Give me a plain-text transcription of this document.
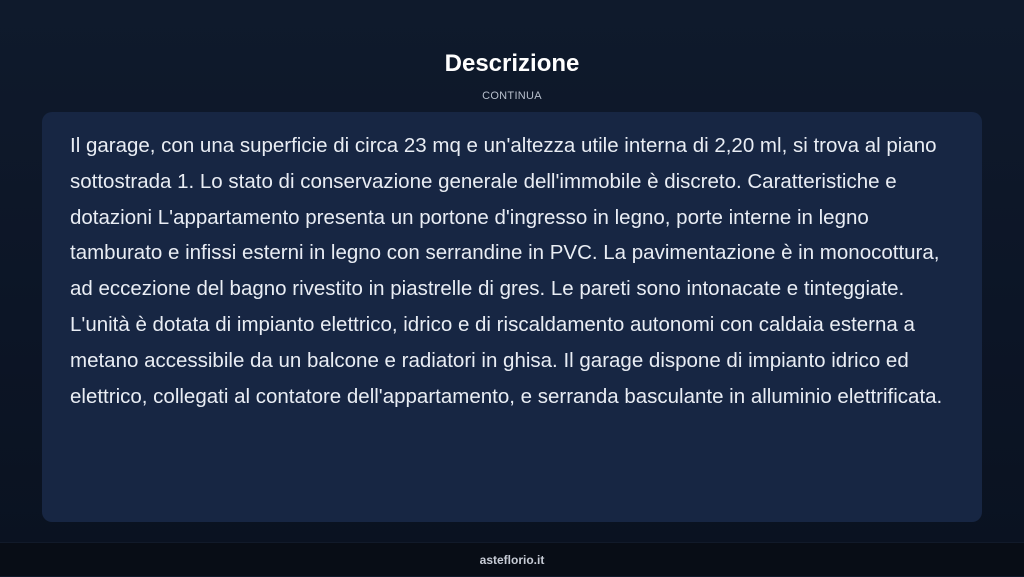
Descrizione
CONTINUA

Il garage, con una superficie di circa 23 mq e un'altezza utile interna di 2,20 ml, si trova al piano sottostrada 1. Lo stato di conservazione generale dell'immobile è discreto. Caratteristiche e dotazioni L'appartamento presenta un portone d'ingresso in legno, porte interne in legno tamburato e infissi esterni in legno con serrandine in PVC. La pavimentazione è in monocottura, ad eccezione del bagno rivestito in piastrelle di gres. Le pareti sono intonacate e tinteggiate. L'unità è dotata di impianto elettrico, idrico e di riscaldamento autonomi con caldaia esterna a metano accessibile da un balcone e radiatori in ghisa. Il garage dispone di impianto idrico ed elettrico, collegati al contatore dell'appartamento, e serranda basculante in alluminio elettrificata.

asteflorio.it
